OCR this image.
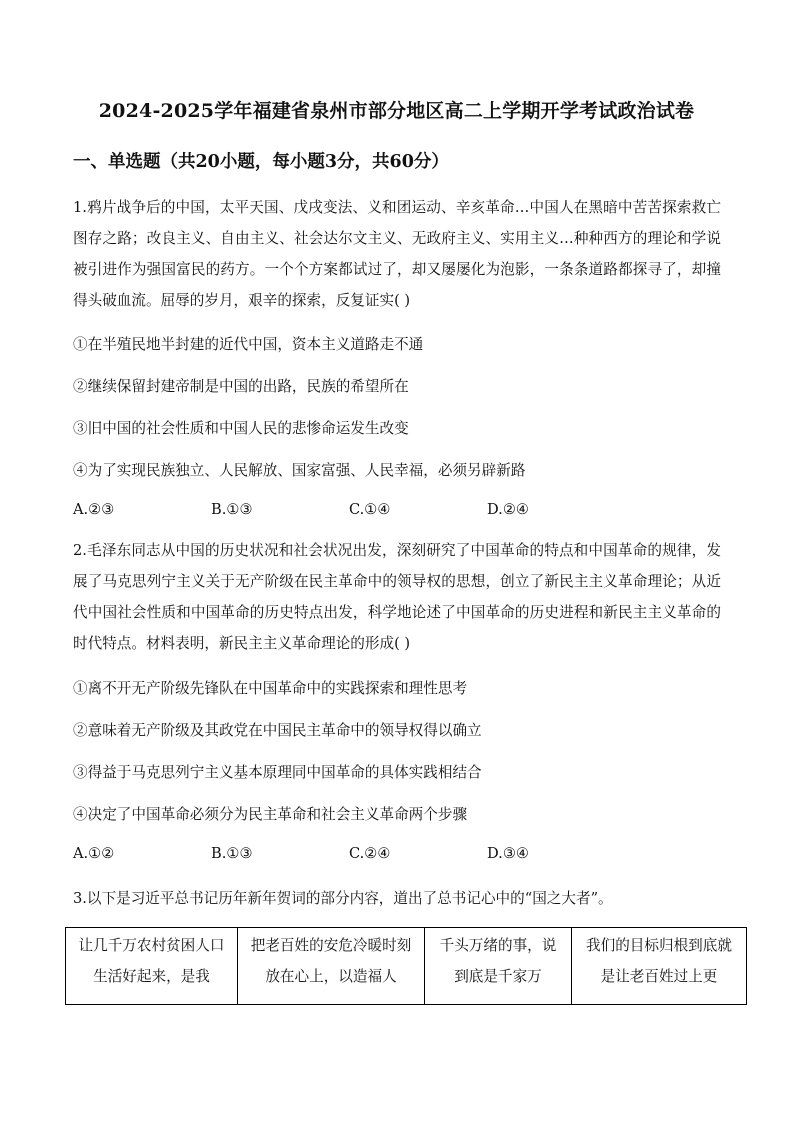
2024-2025学年福建省泉州市部分地区高二上学期开学考试政治试卷
一、单选题（共20小题，每小题3分，共60分）
1.鸦片战争后的中国，太平天国、戊戌变法、义和团运动、辛亥革命…中国人在黑暗中苦苦探索救亡图存之路；改良主义、自由主义、社会达尔文主义、无政府主义、实用主义…种种西方的理论和学说被引进作为强国富民的药方。一个个方案都试过了，却又屡屡化为泡影，一条条道路都探寻了，却撞得头破血流。屈辱的岁月，艰辛的探索，反复证实( )
①在半殖民地半封建的近代中国，资本主义道路走不通
②继续保留封建帝制是中国的出路，民族的希望所在
③旧中国的社会性质和中国人民的悲惨命运发生改变
④为了实现民族独立、人民解放、国家富强、人民幸福，必须另辟新路
A.②③	B.①③	C.①④	D.②④
2.毛泽东同志从中国的历史状况和社会状况出发，深刻研究了中国革命的特点和中国革命的规律，发展了马克思列宁主义关于无产阶级在民主革命中的领导权的思想，创立了新民主主义革命理论；从近代中国社会性质和中国革命的历史特点出发，科学地论述了中国革命的历史进程和新民主主义革命的时代特点。材料表明，新民主主义革命理论的形成( )
①离不开无产阶级先锋队在中国革命中的实践探索和理性思考
②意味着无产阶级及其政党在中国民主革命中的领导权得以确立
③得益于马克思列宁主义基本原理同中国革命的具体实践相结合
④决定了中国革命必须分为民主革命和社会主义革命两个步骤
A.①②	B.①③	C.②④	D.③④
3.以下是习近平总书记历年新年贺词的部分内容，道出了总书记心中的“国之大者”。
让几千万农村贫困人口生活好起来，是我	把老百姓的安危冷暖时刻放在心上，以造福人	千头万绪的事，说到底是千家万	我们的目标归根到底就是让老百姓过上更
